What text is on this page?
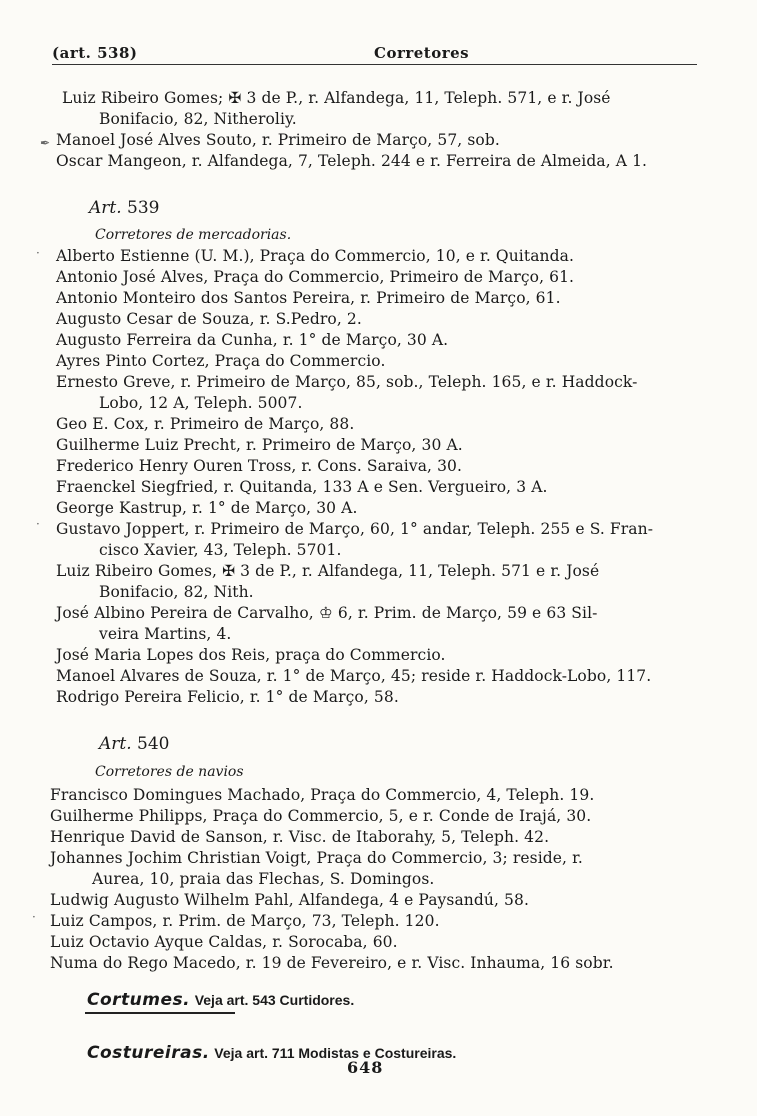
(art. 538)	Corretores
Luiz Ribeiro Gomes; ✠ 3 de P., r. Alfandega, 11, Teleph. 571, e r. José
Bonifacio, 82, Nitheroliy.
Manoel José Alves Souto, r. Primeiro de Março, 57, sob.
Oscar Mangeon, r. Alfandega, 7, Teleph. 244 e r. Ferreira de Almeida, A 1.
Art. 539
Corretores de mercadorias.
Alberto Estienne (U. M.), Praça do Commercio, 10, e r. Quitanda.
Antonio José Alves, Praça do Commercio, Primeiro de Março, 61.
Antonio Monteiro dos Santos Pereira, r. Primeiro de Março, 61.
Augusto Cesar de Souza, r. S.Pedro, 2.
Augusto Ferreira da Cunha, r. 1° de Março, 30 A.
Ayres Pinto Cortez, Praça do Commercio.
Ernesto Greve, r. Primeiro de Março, 85, sob., Teleph. 165, e r. Haddock-
Lobo, 12 A, Teleph. 5007.
Geo E. Cox, r. Primeiro de Março, 88.
Guilherme Luiz Precht, r. Primeiro de Março, 30 A.
Frederico Henry Ouren Tross, r. Cons. Saraiva, 30.
Fraenckel Siegfried, r. Quitanda, 133 A e Sen. Vergueiro, 3 A.
George Kastrup, r. 1° de Março, 30 A.
Gustavo Joppert, r. Primeiro de Março, 60, 1° andar, Teleph. 255 e S. Fran-
cisco Xavier, 43, Teleph. 5701.
Luiz Ribeiro Gomes, ✠ 3 de P., r. Alfandega, 11, Teleph. 571 e r. José
Bonifacio, 82, Nith.
José Albino Pereira de Carvalho, ♔ 6, r. Prim. de Março, 59 e 63 Sil-
veira Martins, 4.
José Maria Lopes dos Reis, praça do Commercio.
Manoel Alvares de Souza, r. 1° de Março, 45; reside r. Haddock-Lobo, 117.
Rodrigo Pereira Felicio, r. 1° de Março, 58.
Art. 540
Corretores de navios
Francisco Domingues Machado, Praça do Commercio, 4, Teleph. 19.
Guilherme Philipps, Praça do Commercio, 5, e r. Conde de Irajá, 30.
Henrique David de Sanson, r. Visc. de Itaborahy, 5, Teleph. 42.
Johannes Jochim Christian Voigt, Praça do Commercio, 3; reside, r.
Aurea, 10, praia das Flechas, S. Domingos.
Ludwig Augusto Wilhelm Pahl, Alfandega, 4 e Paysandú, 58.
Luiz Campos, r. Prim. de Março, 73, Teleph. 120.
Luiz Octavio Ayque Caldas, r. Sorocaba, 60.
Numa do Rego Macedo, r. 19 de Fevereiro, e r. Visc. Inhauma, 16 sobr.
Cortumes. Veja art. 543 Curtidores.
Costureiras. Veja art. 711 Modistas e Costureiras.
648
✒
·
·
·
